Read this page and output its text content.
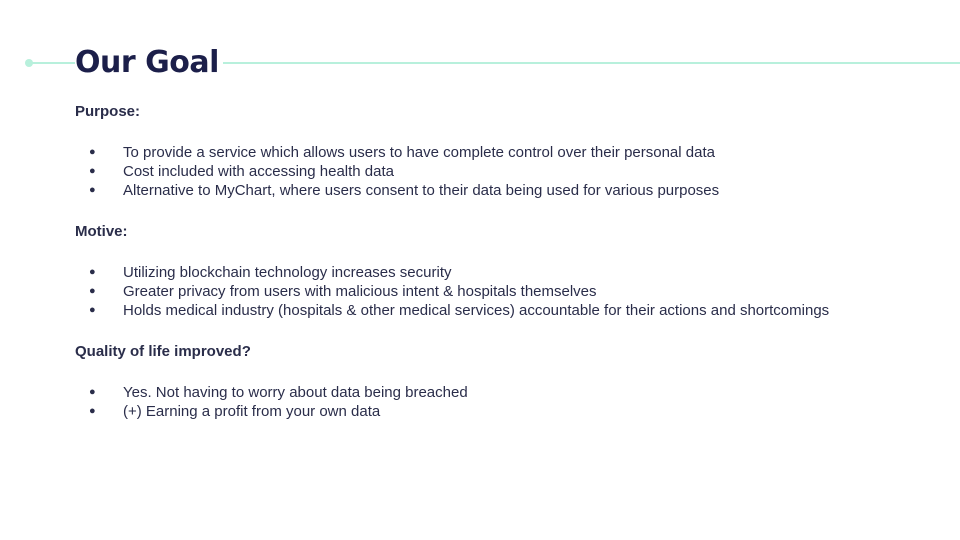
Our Goal

Purpose:

● To provide a service which allows users to have complete control over their personal data
● Cost included with accessing health data
● Alternative to MyChart, where users consent to their data being used for various purposes

Motive:

● Utilizing blockchain technology increases security
● Greater privacy from users with malicious intent & hospitals themselves
● Holds medical industry (hospitals & other medical services) accountable for their actions and shortcomings

Quality of life improved?

● Yes. Not having to worry about data being breached
● (+) Earning a profit from your own data
